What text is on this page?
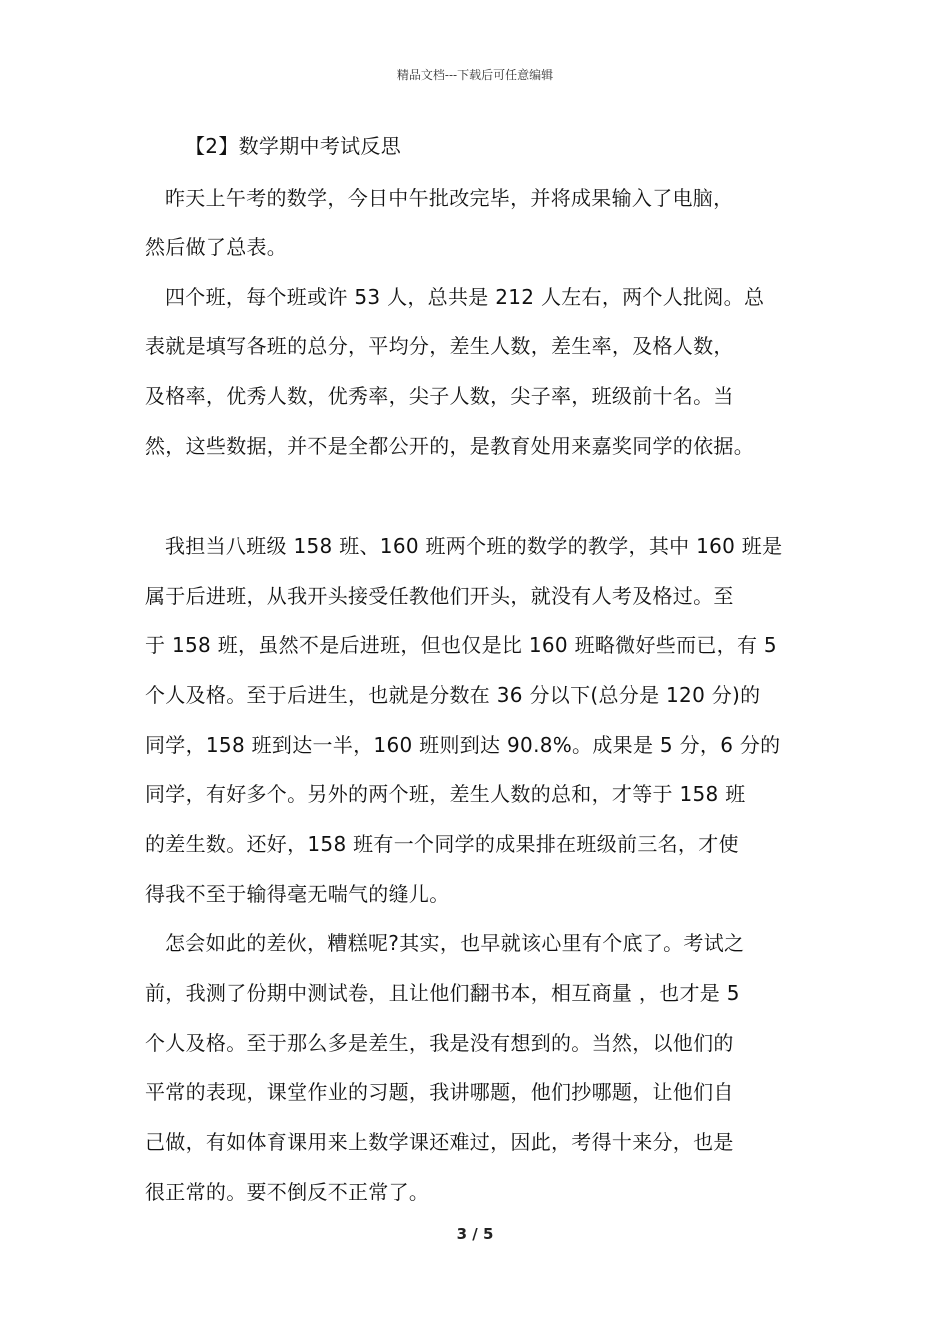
精品文档---下载后可任意编辑
【2】数学期中考试反思
昨天上午考的数学，今日中午批改完毕，并将成果输入了电脑，
然后做了总表。
四个班，每个班或许 53 人，总共是 212 人左右，两个人批阅。总
表就是填写各班的总分，平均分，差生人数，差生率，及格人数，
及格率，优秀人数，优秀率，尖子人数，尖子率，班级前十名。当
然，这些数据，并不是全都公开的，是教育处用来嘉奖同学的依据。
我担当八班级 158 班、160 班两个班的数学的教学，其中 160 班是
属于后进班，从我开头接受任教他们开头，就没有人考及格过。至
于 158 班，虽然不是后进班，但也仅是比 160 班略微好些而已，有 5
个人及格。至于后进生，也就是分数在 36 分以下(总分是 120 分)的
同学，158 班到达一半，160 班则到达 90.8%。成果是 5 分，6 分的
同学，有好多个。另外的两个班，差生人数的总和，才等于 158 班
的差生数。还好，158 班有一个同学的成果排在班级前三名，才使
得我不至于输得毫无喘气的缝儿。
怎会如此的差伙，糟糕呢?其实，也早就该心里有个底了。考试之
前，我测了份期中测试卷，且让他们翻书本，相互商量 ，也才是 5
个人及格。至于那么多是差生，我是没有想到的。当然，以他们的
平常的表现，课堂作业的习题，我讲哪题，他们抄哪题，让他们自
己做，有如体育课用来上数学课还难过，因此，考得十来分，也是
很正常的。要不倒反不正常了。
3 / 5
